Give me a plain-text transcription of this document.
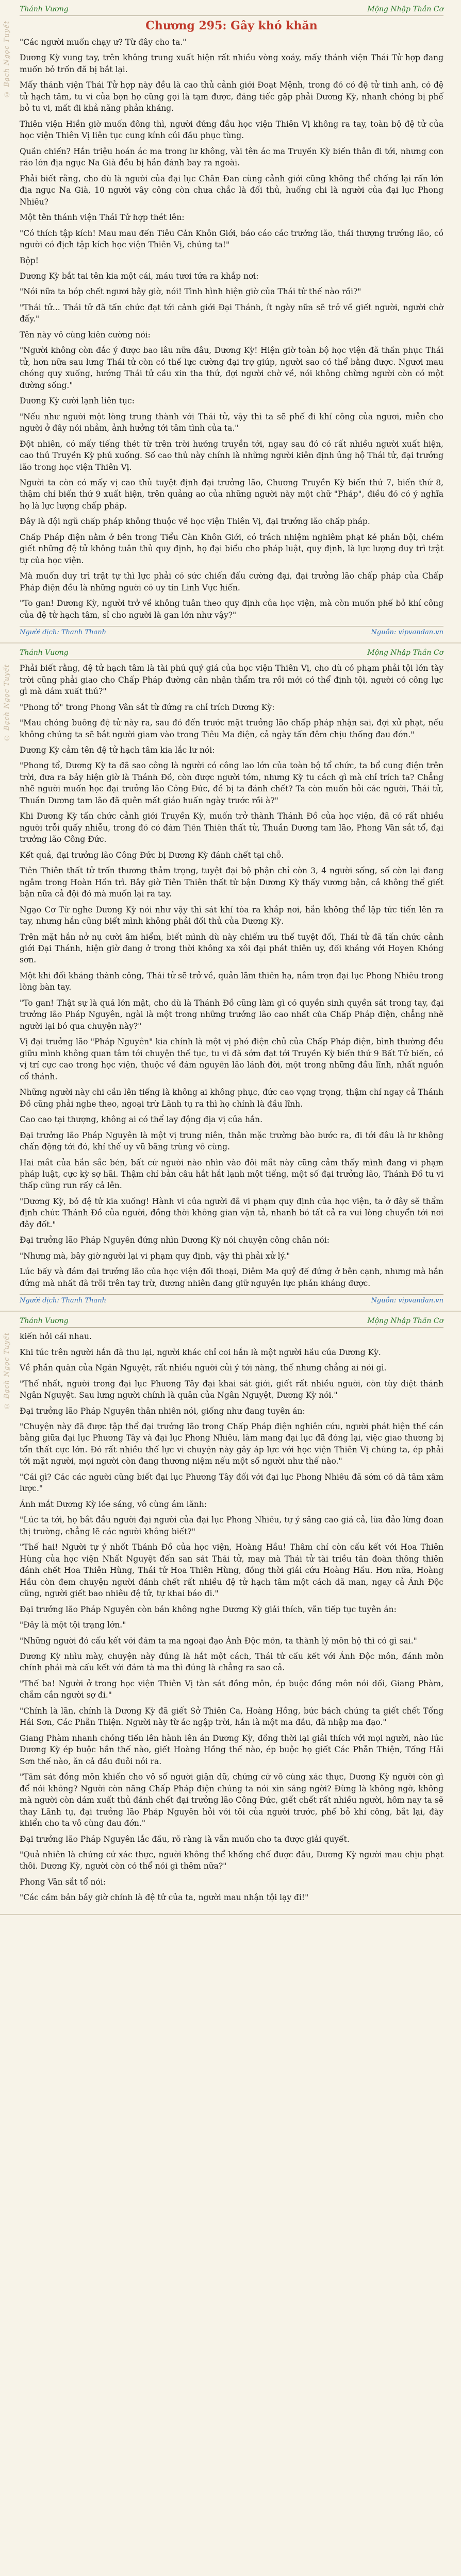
© Bạch Ngọc Tuyết
Thánh Vương	Mộng Nhập Thần Cơ
Chương 295: Gây khó khăn

"Các người muốn chạy ư? Từ đây cho ta."

Dương Kỳ vung tay, trên không trung xuất hiện rất nhiều vòng xoáy, mấy thánh viện Thái Tử hợp đang muốn bỏ trốn đã bị bắt lại.

Mấy thánh viện Thái Tử hợp này đều là cao thủ cảnh giới Đoạt Mệnh, trong đó có đệ tử tinh anh, có đệ tử hạch tâm, tu vi của bọn họ cũng gọi là tạm được, đáng tiếc gặp phải Dương Kỳ, nhanh chóng bị phế bỏ tu vi, mất đi khả năng phản kháng.

Thiên viện Hiền giờ muốn đông thì, người đứng đầu học viện Thiên Vị không ra tay, toàn bộ đệ tử của học viện Thiên Vị liên tục cung kính cúi đầu phục tùng.

Quần chiến? Hắn triệu hoán ác ma trong lư không, vài tên ác ma Truyền Kỳ biến thân đi tới, nhưng con ráo lớn địa ngục Na Già đều bị hắn đánh bay ra ngoài.

Phải biết rằng, cho dù là người của đại lục Chân Đan cùng cảnh giới cũng không thể chống lại rấn lớn địa ngục Na Già, 10 người vây công còn chưa chắc là đối thủ, huống chi là người của đại lục Phong Nhiêu?

Một tên thánh viện Thái Tử hợp thét lên:

"Có thích tập kích! Mau mau đến Tiêu Cản Khôn Giới, báo cáo các trưởng lão, thái thượng trưởng lão, có người có địch tập kích học viện Thiên Vị, chúng ta!"

Bộp!

Dương Kỳ bắt tai tên kia một cái, máu tươi tứa ra khắp nơi:

"Nói nữa ta bóp chết ngươi bây giờ, nói! Tình hình hiện giờ của Thái tử thế nào rồi?"

"Thái tử... Thái tử đã tấn chức đạt tới cảnh giới Đại Thánh, ít ngày nữa sẽ trở về giết người, người chờ đấy."

Tên này vô cùng kiên cường nói:

"Người không còn đắc ý được bao lâu nữa đâu, Dương Kỳ! Hiện giờ toàn bộ học viện đã thần phục Thái tử, hơn nữa sau lưng Thái tử còn có thế lực cường đại trợ giúp, người sao có thể bằng được. Ngươi mau chóng quy xuống, hướng Thái tử cầu xin tha thứ, đợi người chờ về, nói không chừng người còn có một đường sống."

Dương Kỳ cười lạnh liên tục:

"Nếu như người một lòng trung thành với Thái tử, vậy thì ta sẽ phế đi khí công của ngươi, miễn cho người ở đây nói nhảm, ảnh hưởng tới tâm tình của ta."

Đột nhiên, có mấy tiếng thét từ trên trời hướng truyền tới, ngay sau đó có rất nhiều người xuất hiện, cao thủ Truyền Kỳ phủ xuống. Số cao thủ này chính là những người kiên định ủng hộ Thái tử, đại trưởng lão trong học viện Thiên Vị.

Người ta còn có mấy vị cao thủ tuyệt định đại trưởng lão, Chương Truyền Kỳ biến thứ 7, biến thứ 8, thậm chí biến thứ 9 xuất hiện, trên quảng ao của những người này một chữ "Pháp", điều đó có ý nghĩa họ là lực lượng chấp pháp.

Đây là đội ngũ chấp pháp không thuộc về học viện Thiên Vị, đại trưởng lão chấp pháp.

Chấp Pháp điện nằm ở bên trong Tiểu Càn Khôn Giới, có trách nhiệm nghiêm phạt kẻ phản bội, chém giết những đệ tử không tuân thủ quy định, họ đại biểu cho pháp luật, quy định, là lực lượng duy trì trật tự của học viện.

Mà muốn duy trì trật tự thì lực phải có sức chiến đấu cường đại, đại trưởng lão chấp pháp của Chấp Pháp điện đều là những người có uy tín Linh Vực hiến.

"To gan! Dương Kỳ, người trở về không tuân theo quy định của học viện, mà còn muốn phế bỏ khí công của đệ tử hạch tâm, sỉ cho người là gan lớn như vậy?"

Người dịch: Thanh Thanh	Nguồn: vipvandan.vn
© Bạch Ngọc Tuyết
Thánh Vương	Mộng Nhập Thần Cơ

Phải biết rằng, đệ tử hạch tâm là tài phú quý giá của học viện Thiên Vị, cho dù có phạm phải tội lớn tày trời cũng phải giao cho Chấp Pháp đường cân nhận thẩm tra rồi mới có thể định tội, người có công lực gì mà dám xuất thủ?"

"Phong tổ" trong Phong Vân sắt từ đứng ra chỉ trích Dương Kỳ:

"Mau chóng buông đệ tử này ra, sau đó đến trước mặt trưởng lão chấp pháp nhận sai, đợi xử phạt, nếu không chúng ta sẽ bắt người giam vào trong Tiêu Ma điện, cả ngày tấn đêm chịu thống đau đớn."

Dương Kỳ cảm tên đệ tử hạch tâm kia lắc lư nói:

"Phong tổ, Dương Kỳ ta đã sao công là người có công lao lớn của toàn bộ tổ chức, ta bổ cung điện trên trời, đưa ra bảy hiện giờ là Thánh Đồ, còn được người tóm, nhưng Kỳ tu cách gì mà chỉ trích ta? Chẳng nhẽ người muốn học đại trưởng lão Công Đức, đề bị ta đánh chết? Ta còn muốn hỏi các người, Thái tử, Thuần Dương tam lão đã quên mất giáo huấn ngày trước rồi à?"

Khi Dương Kỳ tấn chức cảnh giới Truyền Kỳ, muốn trở thành Thánh Đồ của học viện, đã có rất nhiều người trỗi quấy nhiễu, trong đó có đám Tiên Thiên thất tử, Thuần Dương tam lão, Phong Vân sắt tổ, đại trưởng lão Công Đức.

Kết quả, đại trưởng lão Công Đức bị Dương Kỳ đánh chết tại chỗ.

Tiên Thiên thất tử trốn thương thảm trọng, tuyệt đại bộ phận chỉ còn 3, 4 người sống, số còn lại đang ngâm trong Hoàn Hồn trì. Bây giờ Tiên Thiên thất tử bận Dương Kỳ thấy vương bận, cả không thể giết bận nữa cả đội đó mà muốn lại ra tay.

Ngạo Cơ Từ nghe Dương Kỳ nói như vậy thì sát khí tòa ra khắp nơi, hắn không thể lập tức tiến lên ra tay, nhưng hắn cũng biết mình không phải đối thủ của Dương Kỳ.

Trên mặt hắn nở nụ cười âm hiểm, biết mình dù này chiếm ưu thế tuyệt đối, Thái tử đã tấn chức cảnh giới Đại Thánh, hiện giờ đang ở trong thời không xa xôi đại phát thiên uy, đối kháng với Hoyen Khóng sơn.

Một khi đối kháng thành công, Thái tử sẽ trở về, quản lãm thiên hạ, nắm trọn đại lục Phong Nhiêu trong lòng bàn tay.

"To gan! Thật sự là quá lớn mật, cho dù là Thánh Đồ cũng làm gì có quyền sinh quyền sát trong tay, đại trưởng lão Pháp Nguyên, ngài là một trong những trưởng lão cao nhất của Chấp Pháp điện, chẳng nhẽ người lại bó qua chuyện này?"

Vị đại trưởng lão "Pháp Nguyên" kia chính là một vị phó điện chủ của Chấp Pháp điện, bình thường đều giữu mình không quan tâm tới chuyện thế tục, tu vi đã sớm đạt tới Truyền Kỳ biến thứ 9 Bất Tử biến, có vị trí cực cao trong học viện, thuộc về đám nguyên lão lánh đời, một trong những đầu lĩnh, nhất nguồn cổ thánh.

Những người này chi cần lên tiếng là không ai không phục, đức cao vọng trọng, thậm chí ngay cả Thánh Đồ cũng phải nghe theo, ngoại trừ Lãnh tụ ra thì họ chính là đầu lĩnh.

Cao cao tại thượng, không ai có thể lay động địa vị của hắn.

Đại trưởng lão Pháp Nguyên là một vị trung niên, thân mặc trường bào bước ra, đi tới đâu là lư không chấn động tới đó, khí thế uy vũ băng trùng vô cùng.

Hai mắt của hắn sắc bén, bất cứ người nào nhìn vào đôi mắt này cũng cảm thấy mình đang vi phạm pháp luật, cực kỳ sợ hãi. Thậm chí bản câu hắt hắt lạnh một tiếng, một số đại trưởng lão, Thánh Đồ tu vi thấp cũng run rấy cả lên.

"Dương Kỳ, bỏ đệ tử kia xuống! Hành vi của người đã vi phạm quy định của học viện, ta ở đây sẽ thẩm định chức Thánh Đồ của người, đồng thời không gian vận tả, nhanh bó tất cả ra vui lòng chuyển tới nơi đây đốt."

Đại trưởng lão Pháp Nguyên đứng nhìn Dương Kỳ nói chuyện công chân nói:

"Nhưng mà, bây giờ người lại vi phạm quy định, vậy thì phải xử lý."

Lúc bấy và đám đại trưởng lão của học viện đối thoại, Diêm Ma quỷ đế đứng ở bên cạnh, nhưng mà hắn đứng mà nhất đã trỗi trên tay trừ, đương nhiên đang giữ nguyên lực phản kháng được.

Người dịch: Thanh Thanh	Nguồn: vipvandan.vn
© Bạch Ngọc Tuyết
Thánh Vương	Mộng Nhập Thần Cơ

kiến hỏi cái nhau.

Khi túc trên người hắn đã thu lại, người khác chỉ coi hắn là một người hầu của Dương Kỳ.

Về phần quân của Ngân Nguyệt, rất nhiều người củi ý tới nàng, thế nhưng chẳng ai nói gì.

"Thế nhất, người trong đại lục Phương Tây đại khai sát giới, giết rất nhiều người, còn tùy diệt thánh Ngân Nguyệt. Sau lưng người chính là quân của Ngân Nguyệt, Dương Kỳ nói."

Đại trưởng lão Pháp Nguyên thân nhiên nói, giống như đang tuyên án:

"Chuyện này đã được tập thể đại trưởng lão trong Chấp Pháp điện nghiên cứu, người phát hiện thế cán bằng giữa đại lục Phương Tây và đại lục Phong Nhiêu, làm mang đại lục đã đóng lại, việc giao thương bị tổn thất cực lớn. Đó rất nhiều thế lực vi chuyện này gây áp lực với học viện Thiên Vị chúng ta, ép phải tới mặt người, mọi người còn đang thương niệm nếu một số người như thế nào."

"Cái gì? Các các người cũng biết đại lục Phương Tây đối với đại lục Phong Nhiêu đã sớm có dã tâm xâm lược."

Ánh mắt Dương Kỳ lóe sáng, vô cùng ám lãnh:

"Lúc ta tới, họ bắt đầu người đại người của đại lục Phong Nhiêu, tự ý săng cao giá cả, lừa đảo lừng đoan thị trường, chẳng lẽ các người không biết?"

"Thế hai! Người tự ý nhốt Thánh Đồ của học viện, Hoàng Hầu! Thâm chí còn cấu kết với Hoa Thiên Hùng của học viện Nhất Nguyệt đến san sát Thái tử, may mà Thái tử tài triều tân đoàn thông thiên đánh chết Hoa Thiên Hùng, Thái tử Hoa Thiên Hùng, đồng thời giải cứu Hoàng Hầu. Hơn nữa, Hoàng Hầu còn đem chuyện người đánh chết rất nhiều đệ tử hạch tâm một cách dã man, ngay cả Ánh Độc cũng, người giết bao nhiêu đệ tử, tự khai báo đi."

Đại trưởng lão Pháp Nguyên còn bản không nghe Dương Kỳ giải thích, vẫn tiếp tục tuyên án:

"Đây là một tội trạng lớn."

"Những người đó cấu kết với đám ta ma ngoại đạo Ánh Độc môn, ta thành lý môn hộ thì có gì sai."

Dương Kỳ nhìu mày, chuyện này đúng là hắt một cách, Thái tử cấu kết với Ánh Độc môn, đánh môn chính phái mà cấu kết với đám tà ma thì đúng là chẳng ra sao cả.

"Thế ba! Người ở trong học viện Thiên Vị tàn sát đồng môn, ép buộc đồng môn nói dối, Giang Phàm, chắm cần người sợ đi."

"Chính là lãn, chính là Dương Kỳ đã giết Sở Thiên Ca, Hoàng Hồng, bức bách chúng ta giết chết Tống Hải Sơn, Các Phẫn Thiện. Người này từ ác ngập trời, hắn là một ma đầu, đã nhập ma đạo."

Giang Phàm nhanh chóng tiến lên hành lên án Dương Kỳ, đồng thời lại giải thích với mọi người, nào lúc Dương Kỳ ép buộc hắn thế nào, giết Hoàng Hồng thế nào, ép buộc họ giết Các Phẫn Thiện, Tống Hải Sơn thế nào, ăn cả đầu đuôi nói ra.

"Tâm sát đồng môn khiến cho vô số người giận dữ, chứng cứ vô cùng xác thực, Dương Kỳ người còn gì để nói không? Người còn năng Chấp Pháp điện chúng ta nói xin sáng ngời? Đừng là không ngờ, không mà người còn dám xuất thủ đánh chết đại trưởng lão Công Đức, giết chết rất nhiều người, hôm nay ta sẽ thay Lãnh tụ, đại trưởng lão Pháp Nguyên hỏi với tôi của người trước, phế bỏ khí công, bắt lại, đày khiển cho ta vô cùng đau đớn."

Đại trưởng lão Pháp Nguyên lắc đầu, rõ ràng là vẫn muốn cho ta được giải quyết.

"Quả nhiên là chứng cứ xác thực, người không thể khống chế được đâu, Dương Kỳ người mau chịu phạt thôi. Dương Kỳ, người còn có thể nói gì thêm nữa?"

Phong Vân sắt tổ nói:

"Các cầm bản bảy giờ chính là đệ tử của ta, người mau nhận tội lạy đi!"
